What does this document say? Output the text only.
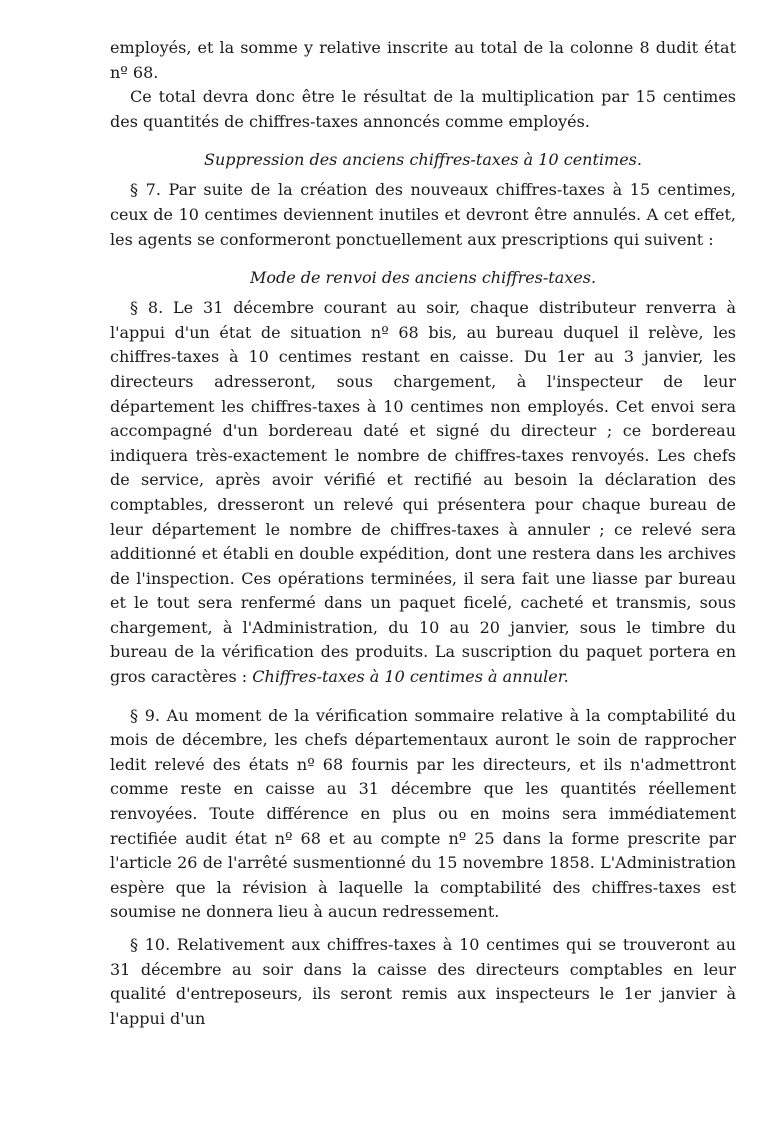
employés, et la somme y relative inscrite au total de la colonne 8 dudit état nº 68.

Ce total devra donc être le résultat de la multiplication par 15 centimes des quantités de chiffres-taxes annoncés comme employés.

Suppression des anciens chiffres-taxes à 10 centimes.

§ 7. Par suite de la création des nouveaux chiffres-taxes à 15 centimes, ceux de 10 centimes deviennent inutiles et devront être annulés. A cet effet, les agents se conformeront ponctuellement aux prescriptions qui suivent :

Mode de renvoi des anciens chiffres-taxes.

§ 8. Le 31 décembre courant au soir, chaque distributeur renverra à l'appui d'un état de situation nº 68 bis, au bureau duquel il relève, les chiffres-taxes à 10 centimes restant en caisse. Du 1er au 3 janvier, les directeurs adresseront, sous chargement, à l'inspecteur de leur département les chiffres-taxes à 10 centimes non employés. Cet envoi sera accompagné d'un bordereau daté et signé du directeur ; ce bordereau indiquera très-exactement le nombre de chiffres-taxes renvoyés. Les chefs de service, après avoir vérifié et rectifié au besoin la déclaration des comptables, dresseront un relevé qui présentera pour chaque bureau de leur département le nombre de chiffres-taxes à annuler ; ce relevé sera additionné et établi en double expédition, dont une restera dans les archives de l'inspection. Ces opérations terminées, il sera fait une liasse par bureau et le tout sera renfermé dans un paquet ficelé, cacheté et transmis, sous chargement, à l'Administration, du 10 au 20 janvier, sous le timbre du bureau de la vérification des produits. La suscription du paquet portera en gros caractères : Chiffres-taxes à 10 centimes à annuler.

§ 9. Au moment de la vérification sommaire relative à la comptabilité du mois de décembre, les chefs départementaux auront le soin de rapprocher ledit relevé des états nº 68 fournis par les directeurs, et ils n'admettront comme reste en caisse au 31 décembre que les quantités réellement renvoyées. Toute différence en plus ou en moins sera immédiatement rectifiée audit état nº 68 et au compte nº 25 dans la forme prescrite par l'article 26 de l'arrêté susmentionné du 15 novembre 1858. L'Administration espère que la révision à laquelle la comptabilité des chiffres-taxes est soumise ne donnera lieu à aucun redressement.

§ 10. Relativement aux chiffres-taxes à 10 centimes qui se trouveront au 31 décembre au soir dans la caisse des directeurs comptables en leur qualité d'entreposeurs, ils seront remis aux inspecteurs le 1er janvier à l'appui d'un
